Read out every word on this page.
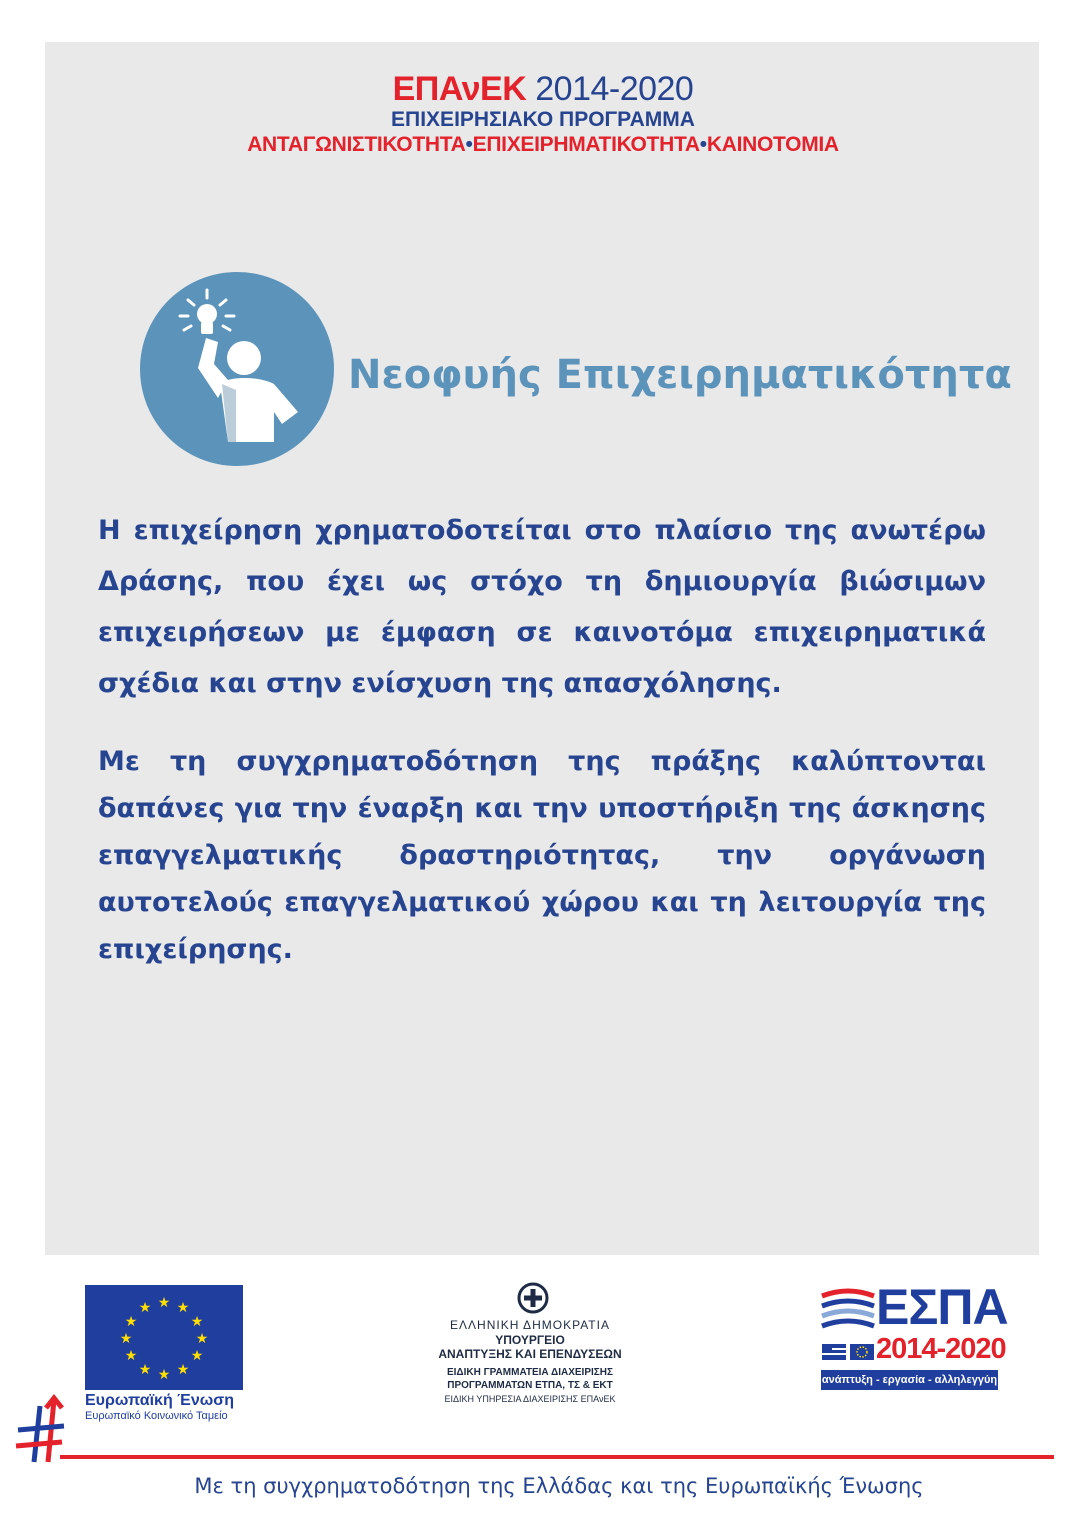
ΕΠΑνΕΚ 2014-2020
ΕΠΙΧΕΙΡΗΣΙΑΚΟ ΠΡΟΓΡΑΜΜΑ
ΑΝΤΑΓΩΝΙΣΤΙΚΟΤΗΤΑ•ΕΠΙΧΕΙΡΗΜΑΤΙΚΟΤΗΤΑ•ΚΑΙΝΟΤΟΜΙΑ
Νεοφυής Επιχειρηματικότητα
Η επιχείρηση χρηματοδοτείται στο πλαίσιο της ανωτέρω Δράσης, που έχει ως στόχο τη δημιουργία βιώσιμων επιχειρήσεων με έμφαση σε καινοτόμα επιχειρηματικά σχέδια και στην ενίσχυση της απασχόλησης.
Με τη συγχρηματοδότηση της πράξης καλύπτονται δαπάνες για την έναρξη και την υποστήριξη της άσκησης επαγγελματικής δραστηριότητας, την οργάνωση αυτοτελούς επαγγελματικού χώρου και τη λειτουργία της επιχείρησης.
★ ★
★
★
★
★
★
★
★
★
★
★
Ευρωπαϊκή Ένωση
Ευρωπαϊκό Κοινωνικό Ταμείο
ΕΛΛΗΝΙΚΗ ΔΗΜΟΚΡΑΤΙΑ
ΥΠΟΥΡΓΕΙΟ
ΑΝΑΠΤΥΞΗΣ ΚΑΙ ΕΠΕΝΔΥΣΕΩΝ
ΕΙΔΙΚΗ ΓΡΑΜΜΑΤΕΙΑ ΔΙΑΧΕΙΡΙΣΗΣ
ΠΡΟΓΡΑΜΜΑΤΩΝ ΕΤΠΑ, ΤΣ & ΕΚΤ
ΕΙΔΙΚΗ ΥΠΗΡΕΣΙΑ ΔΙΑΧΕΙΡΙΣΗΣ ΕΠΑνΕΚ
ΕΣΠΑ
2014-2020
ανάπτυξη - εργασία - αλληλεγγύη
Με τη συγχρηματοδότηση της Ελλάδας και της Ευρωπαϊκής Ένωσης
